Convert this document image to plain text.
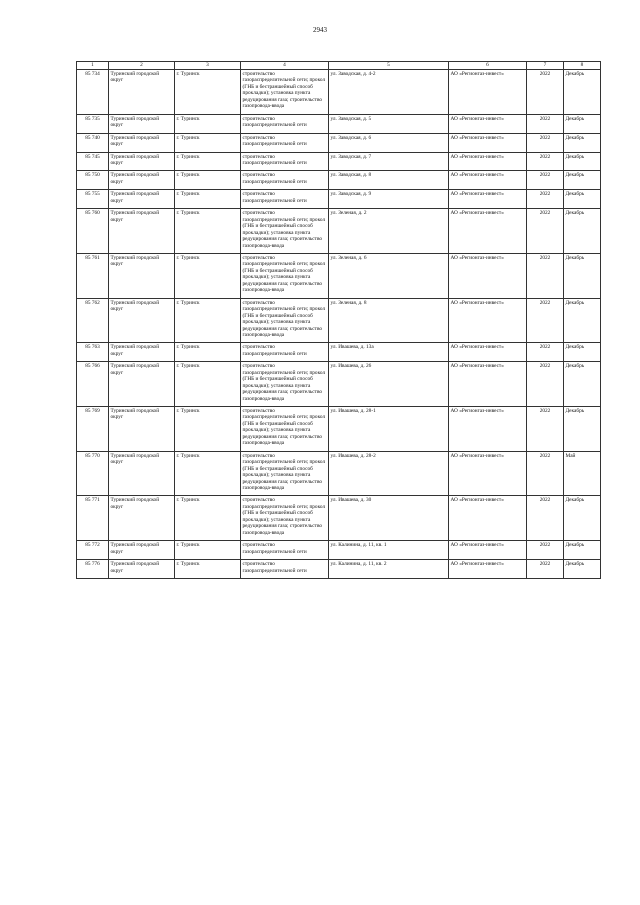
2943
1	2	3	4	5	6	7	8
85 734	Туринский городской округ	г. Туринск	строительство газораспределительной сети; прокол (ГНБ и бестраншейный способ прокладки); установка пункта редуцирования газа; строительство газопровода-ввода	ул. Заводская, д. 4-2	АО «Регионгаз-инвест»	2022	Декабрь
85 735	Туринский городской округ	г. Туринск	строительство газораспределительной сети	ул. Заводская, д. 5	АО «Регионгаз-инвест»	2022	Декабрь
85 740	Туринский городской округ	г. Туринск	строительство газораспределительной сети	ул. Заводская, д. 6	АО «Регионгаз-инвест»	2022	Декабрь
85 745	Туринский городской округ	г. Туринск	строительство газораспределительной сети	ул. Заводская, д. 7	АО «Регионгаз-инвест»	2022	Декабрь
85 750	Туринский городской округ	г. Туринск	строительство газораспределительной сети	ул. Заводская, д. 8	АО «Регионгаз-инвест»	2022	Декабрь
85 755	Туринский городской округ	г. Туринск	строительство газораспределительной сети	ул. Заводская, д. 9	АО «Регионгаз-инвест»	2022	Декабрь
85 760	Туринский городской округ	г. Туринск	строительство газораспределительной сети; прокол (ГНБ и бестраншейный способ прокладки); установка пункта редуцирования газа; строительство газопровода-ввода	ул. Зеленая, д. 2	АО «Регионгаз-инвест»	2022	Декабрь
85 761	Туринский городской округ	г. Туринск	строительство газораспределительной сети; прокол (ГНБ и бестраншейный способ прокладки); установка пункта редуцирования газа; строительство газопровода-ввода	ул. Зеленая, д. 6	АО «Регионгаз-инвест»	2022	Декабрь
85 762	Туринский городской округ	г. Туринск	строительство газораспределительной сети; прокол (ГНБ и бестраншейный способ прокладки); установка пункта редуцирования газа; строительство газопровода-ввода	ул. Зеленая, д. 8	АО «Регионгаз-инвест»	2022	Декабрь
85 763	Туринский городской округ	г. Туринск	строительство газораспределительной сети	ул. Ивашева, д. 13а	АО «Регионгаз-инвест»	2022	Декабрь
85 766	Туринский городской округ	г. Туринск	строительство газораспределительной сети; прокол (ГНБ и бестраншейный способ прокладки); установка пункта редуцирования газа; строительство газопровода-ввода	ул. Ивашева, д. 26	АО «Регионгаз-инвест»	2022	Декабрь
85 769	Туринский городской округ	г. Туринск	строительство газораспределительной сети; прокол (ГНБ и бестраншейный способ прокладки); установка пункта редуцирования газа; строительство газопровода-ввода	ул. Ивашева, д. 28-1	АО «Регионгаз-инвест»	2022	Декабрь
85 770	Туринский городской округ	г. Туринск	строительство газораспределительной сети; прокол (ГНБ и бестраншейный способ прокладки); установка пункта редуцирования газа; строительство газопровода-ввода	ул. Ивашева, д. 28-2	АО «Регионгаз-инвест»	2022	Май
85 771	Туринский городской округ	г. Туринск	строительство газораспределительной сети; прокол (ГНБ и бестраншейный способ прокладки); установка пункта редуцирования газа; строительство газопровода-ввода	ул. Ивашева, д. 30	АО «Регионгаз-инвест»	2022	Декабрь
85 772	Туринский городской округ	г. Туринск	строительство газораспределительной сети	ул. Калинина, д. 11, кв. 1	АО «Регионгаз-инвест»	2022	Декабрь
85 776	Туринский городской округ	г. Туринск	строительство газораспределительной сети	ул. Калинина, д. 11, кв. 2	АО «Регионгаз-инвест»	2022	Декабрь
